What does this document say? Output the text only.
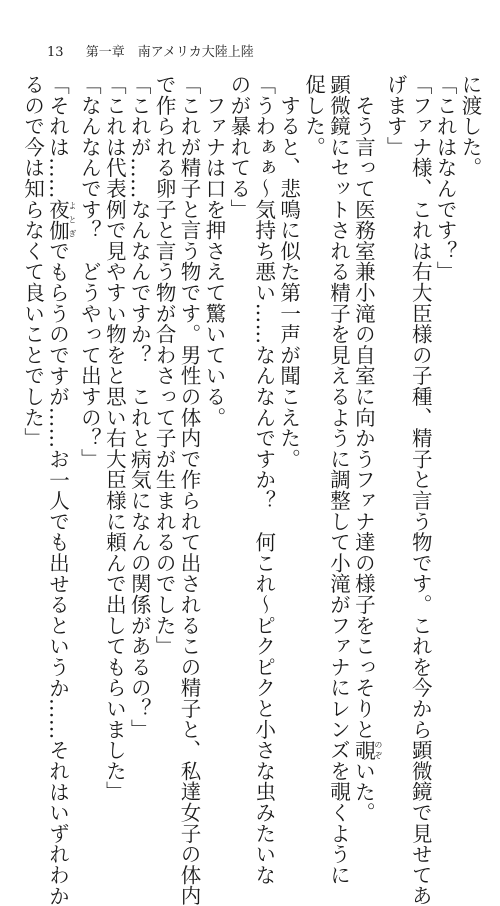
13 第一章　南アメリカ大陸上陸
に渡した。
「これはなんです？」
「ファナ様、これは右大臣様の子種、精子と言う物です。これを今から顕微鏡で見せてあ
げます」
　そう言って医務室兼小滝の自室に向かうファナ達の様子をこっそりと覗のぞいた。
顕微鏡にセットされる精子を見えるように調整して小滝がファナにレンズを覗くように
促した。
　すると、悲鳴に似た第一声が聞こえた。
「うわぁぁ～気持ち悪い……なんなんですか？　何これ～ピクピクと小さな虫みたいな
のが暴れてる」
　ファナは口を押さえて驚いている。
「これが精子と言う物です。男性の体内で作られて出されるこの精子と、私達女子の体内
で作られる卵子と言う物が合わさって子が生まれるのでした」
「これが……なんなんですか？　これと病気になんの関係があるの？」
「これは代表例で見やすい物をと思い右大臣様に頼んで出してもらいました」
「なんなんです？　どうやって出すの？」
「それは……夜伽よとぎでもらうのですが……お一人でも出せるというか……それはいずれわか
るので今は知らなくて良いことでした」
